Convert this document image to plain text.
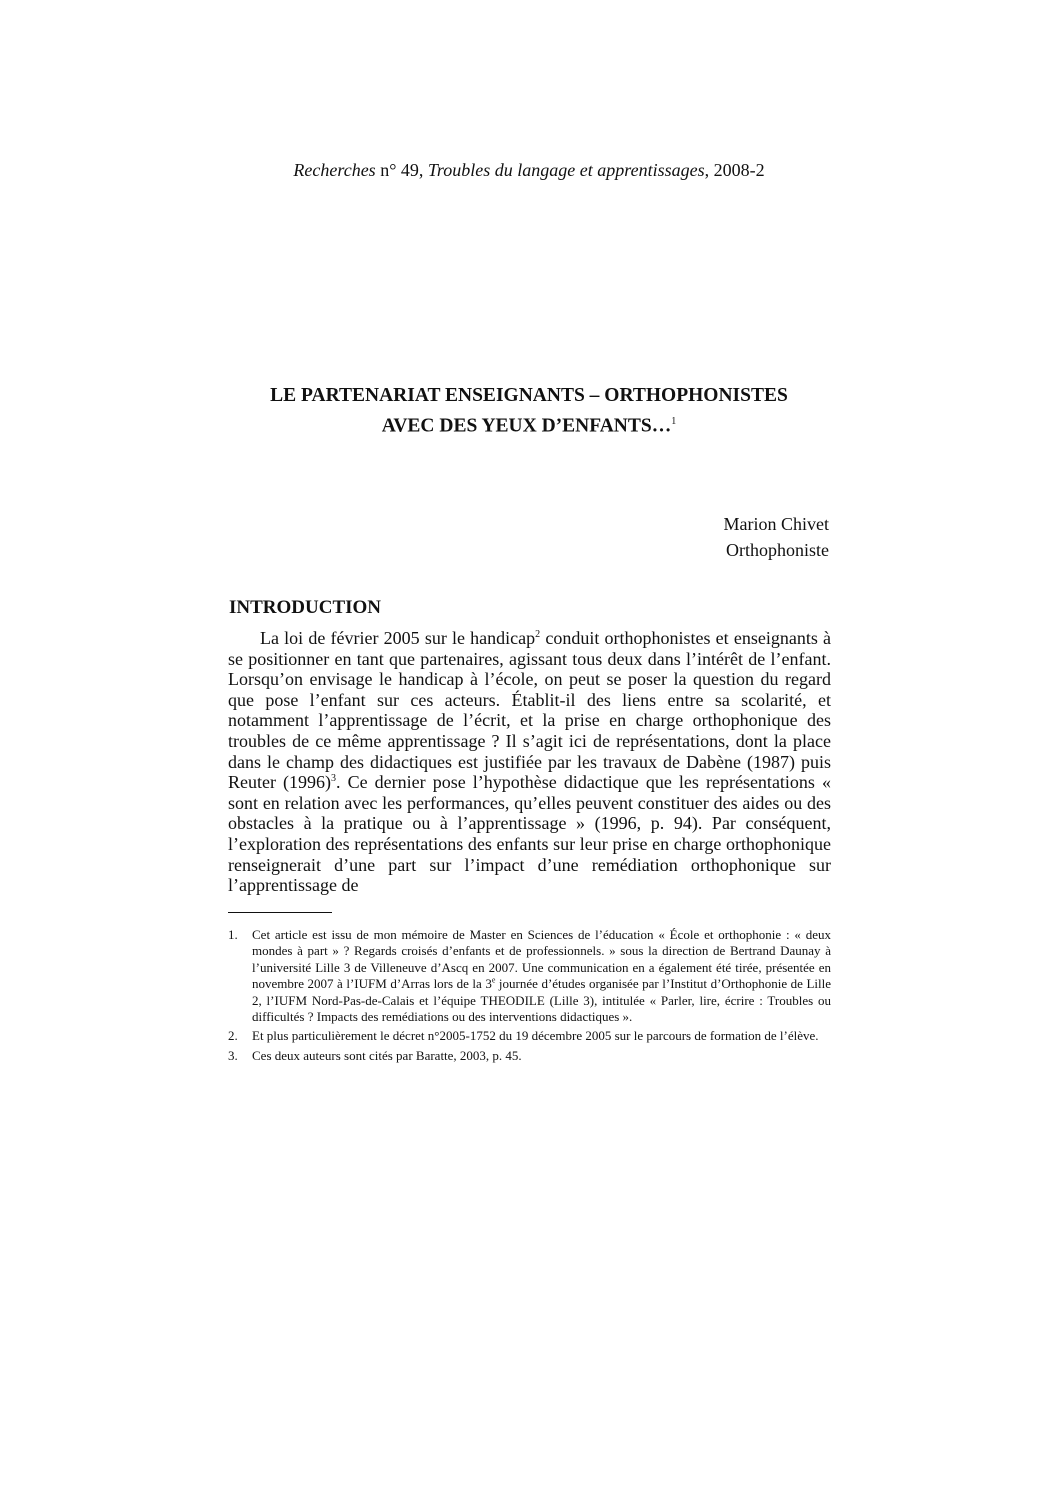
Recherches n° 49, Troubles du langage et apprentissages, 2008-2
LE PARTENARIAT ENSEIGNANTS – ORTHOPHONISTES
AVEC DES YEUX D’ENFANTS…$^1$
Marion Chivet
Orthophoniste
INTRODUCTION

La loi de février 2005 sur le handicap$^2$ conduit orthophonistes et enseignants à se positionner en tant que partenaires, agissant tous deux dans l’intérêt de l’enfant. Lorsqu’on envisage le handicap à l’école, on peut se poser la question du regard que pose l’enfant sur ces acteurs. Établit-il des liens entre sa scolarité, et notamment l’apprentissage de l’écrit, et la prise en charge orthophonique des troubles de ce même apprentissage ? Il s’agit ici de représentations, dont la place dans le champ des didactiques est justifiée par les travaux de Dabène (1987) puis Reuter $(1996)^3$. Ce dernier pose l’hypothèse didactique que les représentations « sont en relation avec les performances, qu’elles peuvent constituer des aides ou des obstacles à la pratique ou à l’apprentissage » (1996, p. 94). Par conséquent, l’exploration des représentations des enfants sur leur prise en charge orthophonique renseignerait d’une part sur l’impact d’une remédiation orthophonique sur l’apprentissage de

1.	Cet article est issu de mon mémoire de Master en Sciences de l’éducation « École et orthophonie : « deux mondes à part » ? Regards croisés d’enfants et de professionnels. » sous la direction de Bertrand Daunay à l’université Lille 3 de Villeneuve d’Ascq en 2007. Une communication en a également été tirée, présentée en novembre 2007 à l’IUFM d’Arras lors de la 3e journée d’études organisée par l’Institut d’Orthophonie de Lille 2, l’IUFM Nord-Pas-de-Calais et l’équipe THEODILE (Lille 3), intitulée « Parler, lire, écrire : Troubles ou difficultés ? Impacts des remédiations ou des interventions didactiques ».
2.	Et plus particulièrement le décret n°2005-1752 du 19 décembre 2005 sur le parcours de formation de l’élève.
3.	Ces deux auteurs sont cités par Baratte, 2003, p. 45.
